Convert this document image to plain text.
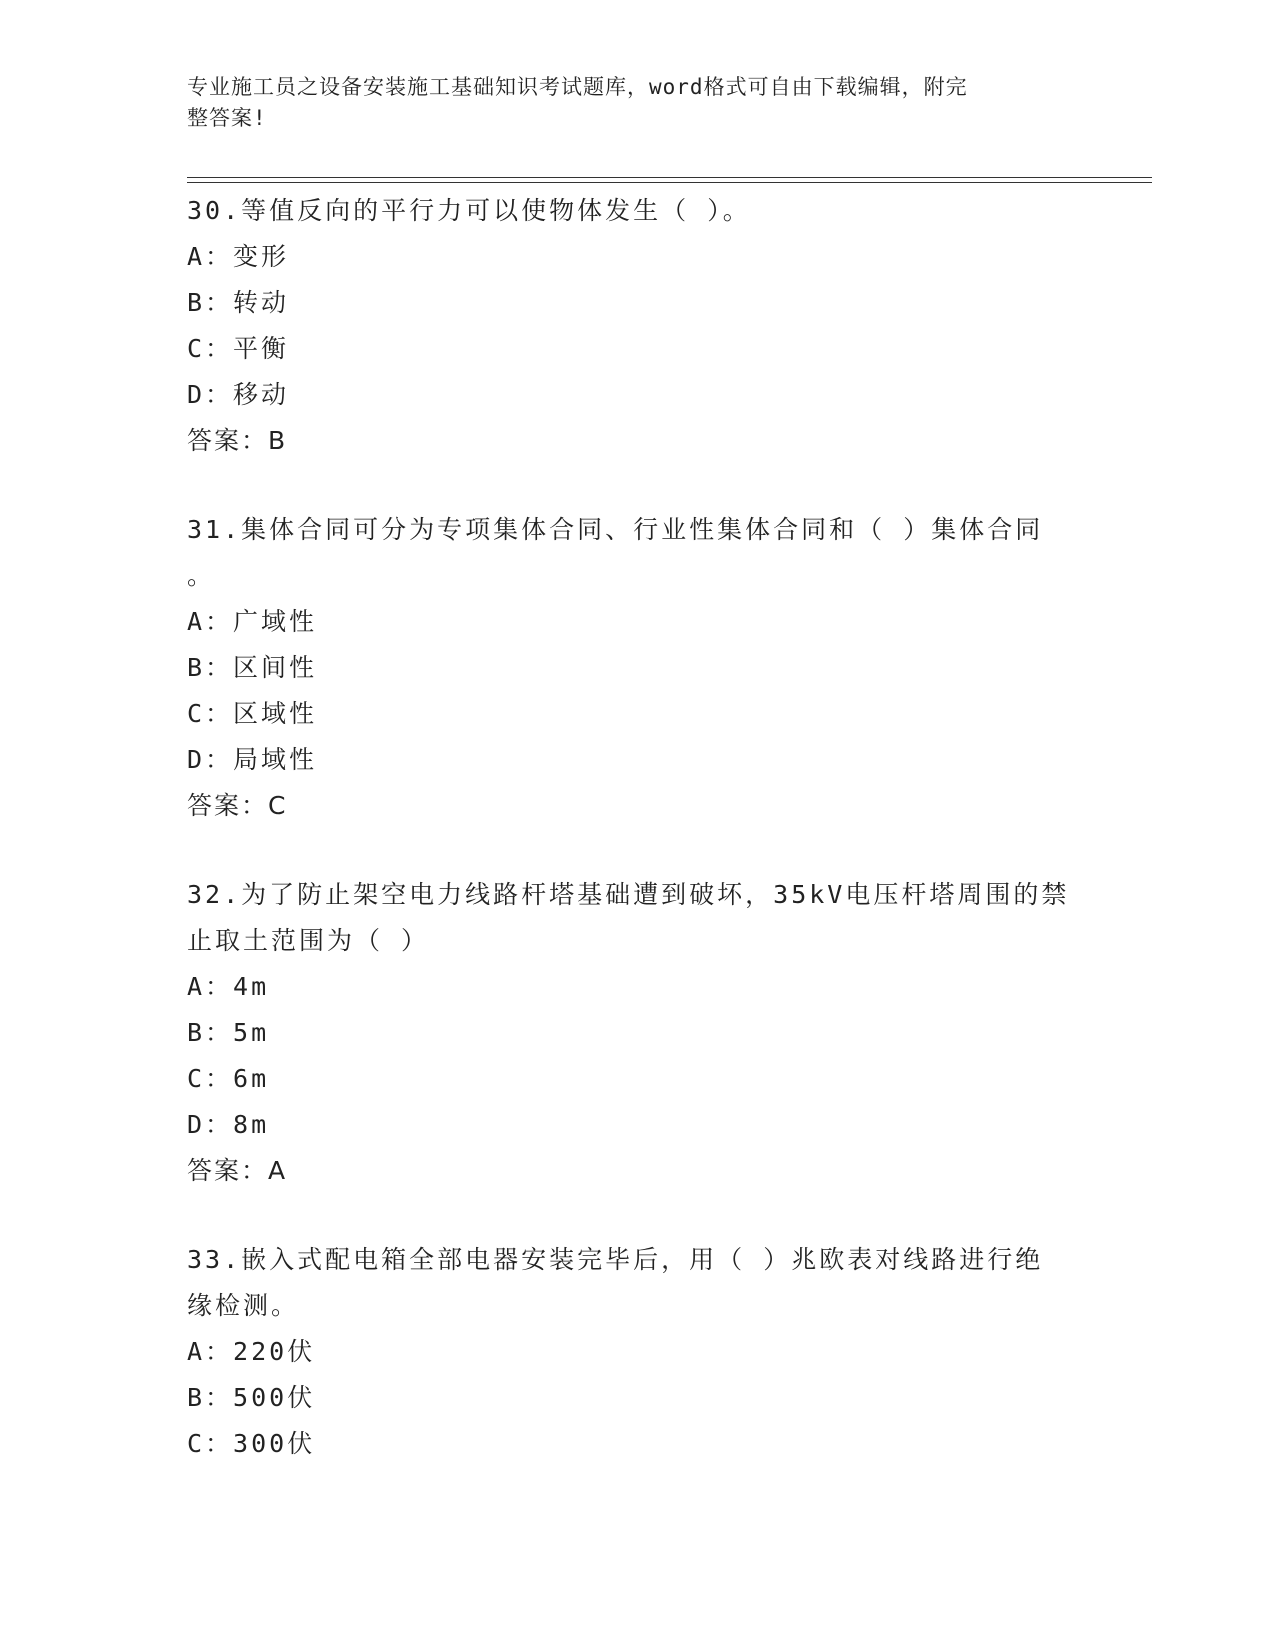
专业施工员之设备安装施工基础知识考试题库，word格式可自由下载编辑，附完
整答案!
30.等值反向的平行力可以使物体发生（ ）。
A：变形
B：转动
C：平衡
D：移动
答案：B
31.集体合同可分为专项集体合同、行业性集体合同和（ ）集体合同
。
A：广域性
B：区间性
C：区域性
D：局域性
答案：C
32.为了防止架空电力线路杆塔基础遭到破坏，35kV电压杆塔周围的禁
止取土范围为（ ）
A：4m
B：5m
C：6m
D：8m
答案：A
33.嵌入式配电箱全部电器安装完毕后，用（ ）兆欧表对线路进行绝
缘检测。
A：220伏
B：500伏
C：300伏
